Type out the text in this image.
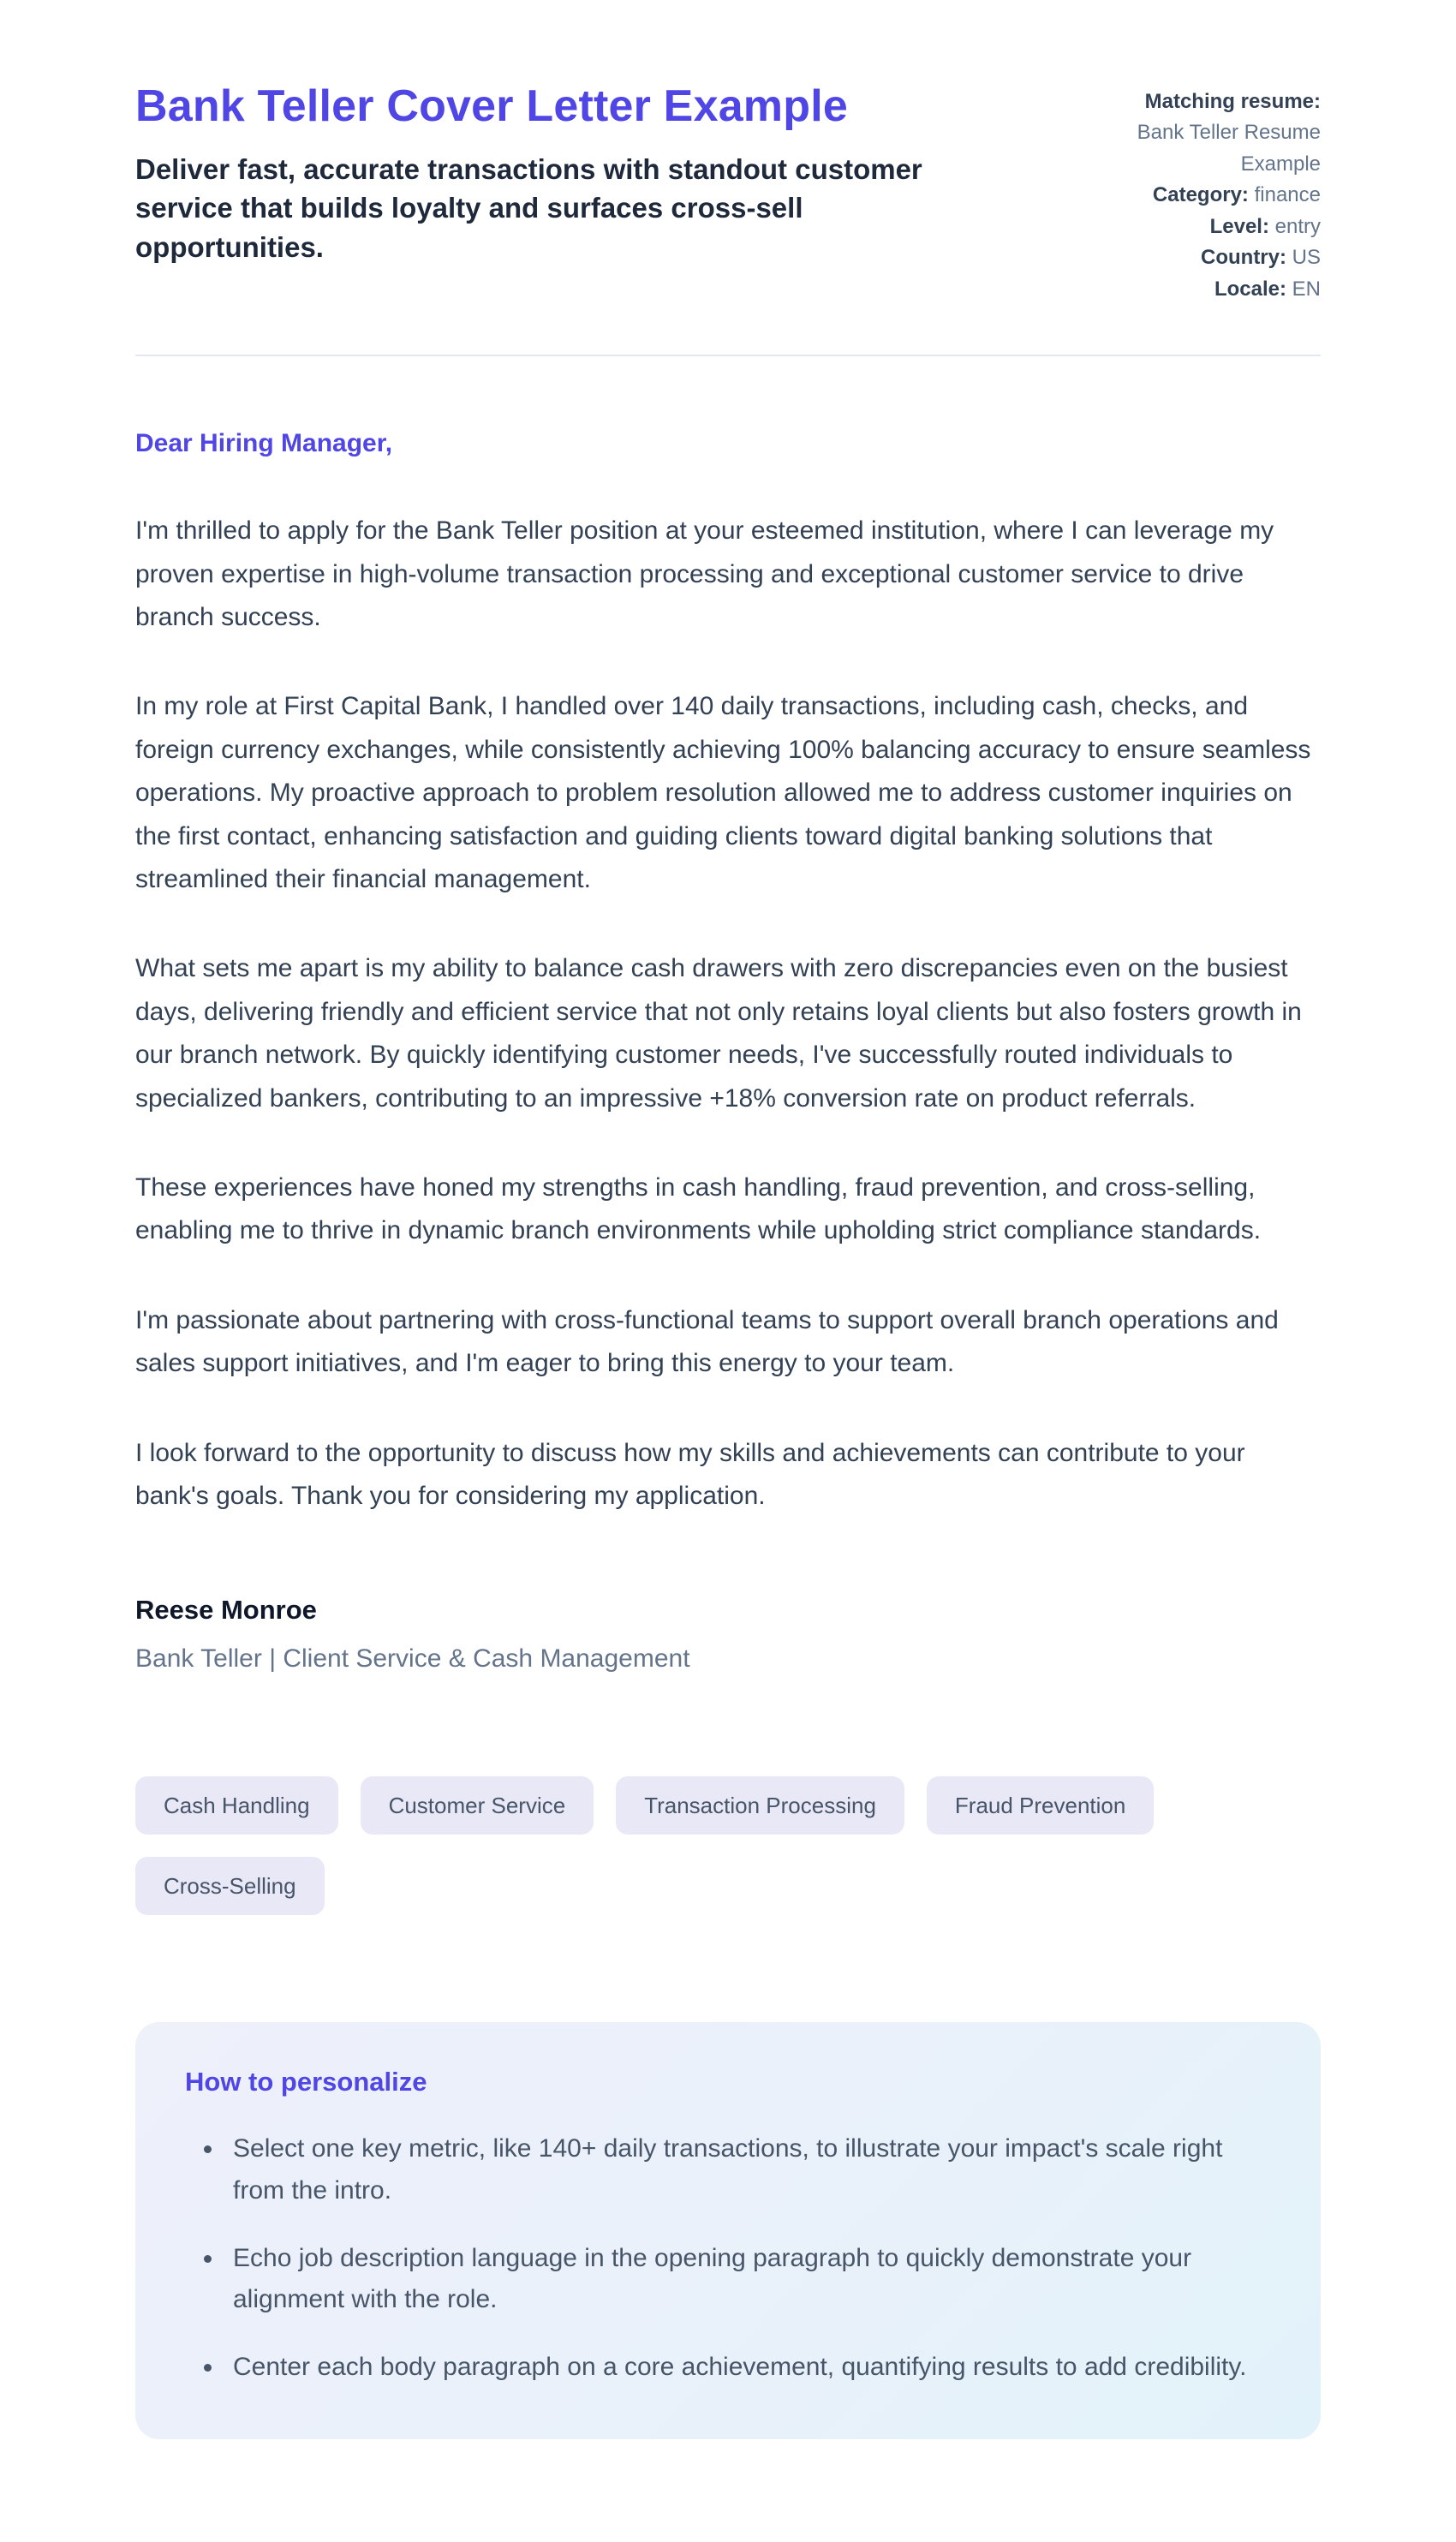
Bank Teller Cover Letter Example
Deliver fast, accurate transactions with standout customer service that builds loyalty and surfaces cross-sell opportunities.
Matching resume:
Bank Teller Resume Example
Category: finance
Level: entry
Country: US
Locale: EN

Dear Hiring Manager,

I'm thrilled to apply for the Bank Teller position at your esteemed institution, where I can leverage my proven expertise in high-volume transaction processing and exceptional customer service to drive branch success.

In my role at First Capital Bank, I handled over 140 daily transactions, including cash, checks, and foreign currency exchanges, while consistently achieving 100% balancing accuracy to ensure seamless operations. My proactive approach to problem resolution allowed me to address customer inquiries on the first contact, enhancing satisfaction and guiding clients toward digital banking solutions that streamlined their financial management.

What sets me apart is my ability to balance cash drawers with zero discrepancies even on the busiest days, delivering friendly and efficient service that not only retains loyal clients but also fosters growth in our branch network. By quickly identifying customer needs, I've successfully routed individuals to specialized bankers, contributing to an impressive +18% conversion rate on product referrals.

These experiences have honed my strengths in cash handling, fraud prevention, and cross-selling, enabling me to thrive in dynamic branch environments while upholding strict compliance standards.

I'm passionate about partnering with cross-functional teams to support overall branch operations and sales support initiatives, and I'm eager to bring this energy to your team.

I look forward to the opportunity to discuss how my skills and achievements can contribute to your bank's goals. Thank you for considering my application.

Reese Monroe

Bank Teller | Client Service & Cash Management

Cash Handling	Customer Service	Transaction Processing	Fraud Prevention
Cross-Selling
How to personalize
• Select one key metric, like 140+ daily transactions, to illustrate your impact's scale right from the intro.
• Echo job description language in the opening paragraph to quickly demonstrate your alignment with the role.
• Center each body paragraph on a core achievement, quantifying results to add credibility.
